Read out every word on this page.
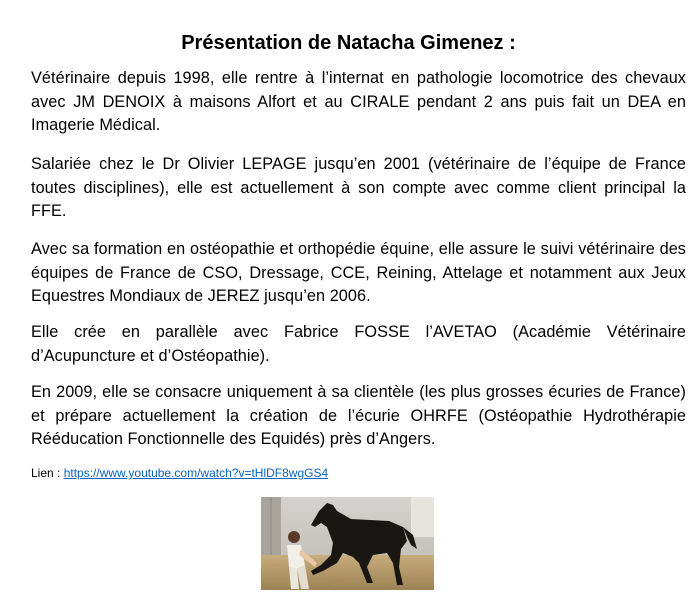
Présentation de Natacha Gimenez :

Vétérinaire depuis 1998, elle rentre à l’internat en pathologie locomotrice des chevaux avec JM DENOIX à maisons Alfort et au CIRALE pendant 2 ans puis fait un DEA en Imagerie Médical.

Salariée chez le Dr Olivier LEPAGE jusqu’en 2001 (vétérinaire de l’équipe de France toutes disciplines), elle est actuellement à son compte avec comme client principal la FFE.

Avec sa formation en ostéopathie et orthopédie équine, elle assure le suivi vétérinaire des équipes de France de CSO, Dressage, CCE, Reining, Attelage et notamment aux Jeux Equestres Mondiaux de JEREZ jusqu’en 2006.

Elle crée en parallèle avec Fabrice FOSSE l’AVETAO (Académie Vétérinaire d’Acupuncture et d’Ostéopathie).

En 2009, elle se consacre uniquement à sa clientèle (les plus grosses écuries de France) et prépare actuellement la création de l’écurie OHRFE (Ostéopathie Hydrothérapie Rééducation Fonctionnelle des Equidés) près d’Angers.

Lien : https://www.youtube.com/watch?v=tHlDF8wgGS4
